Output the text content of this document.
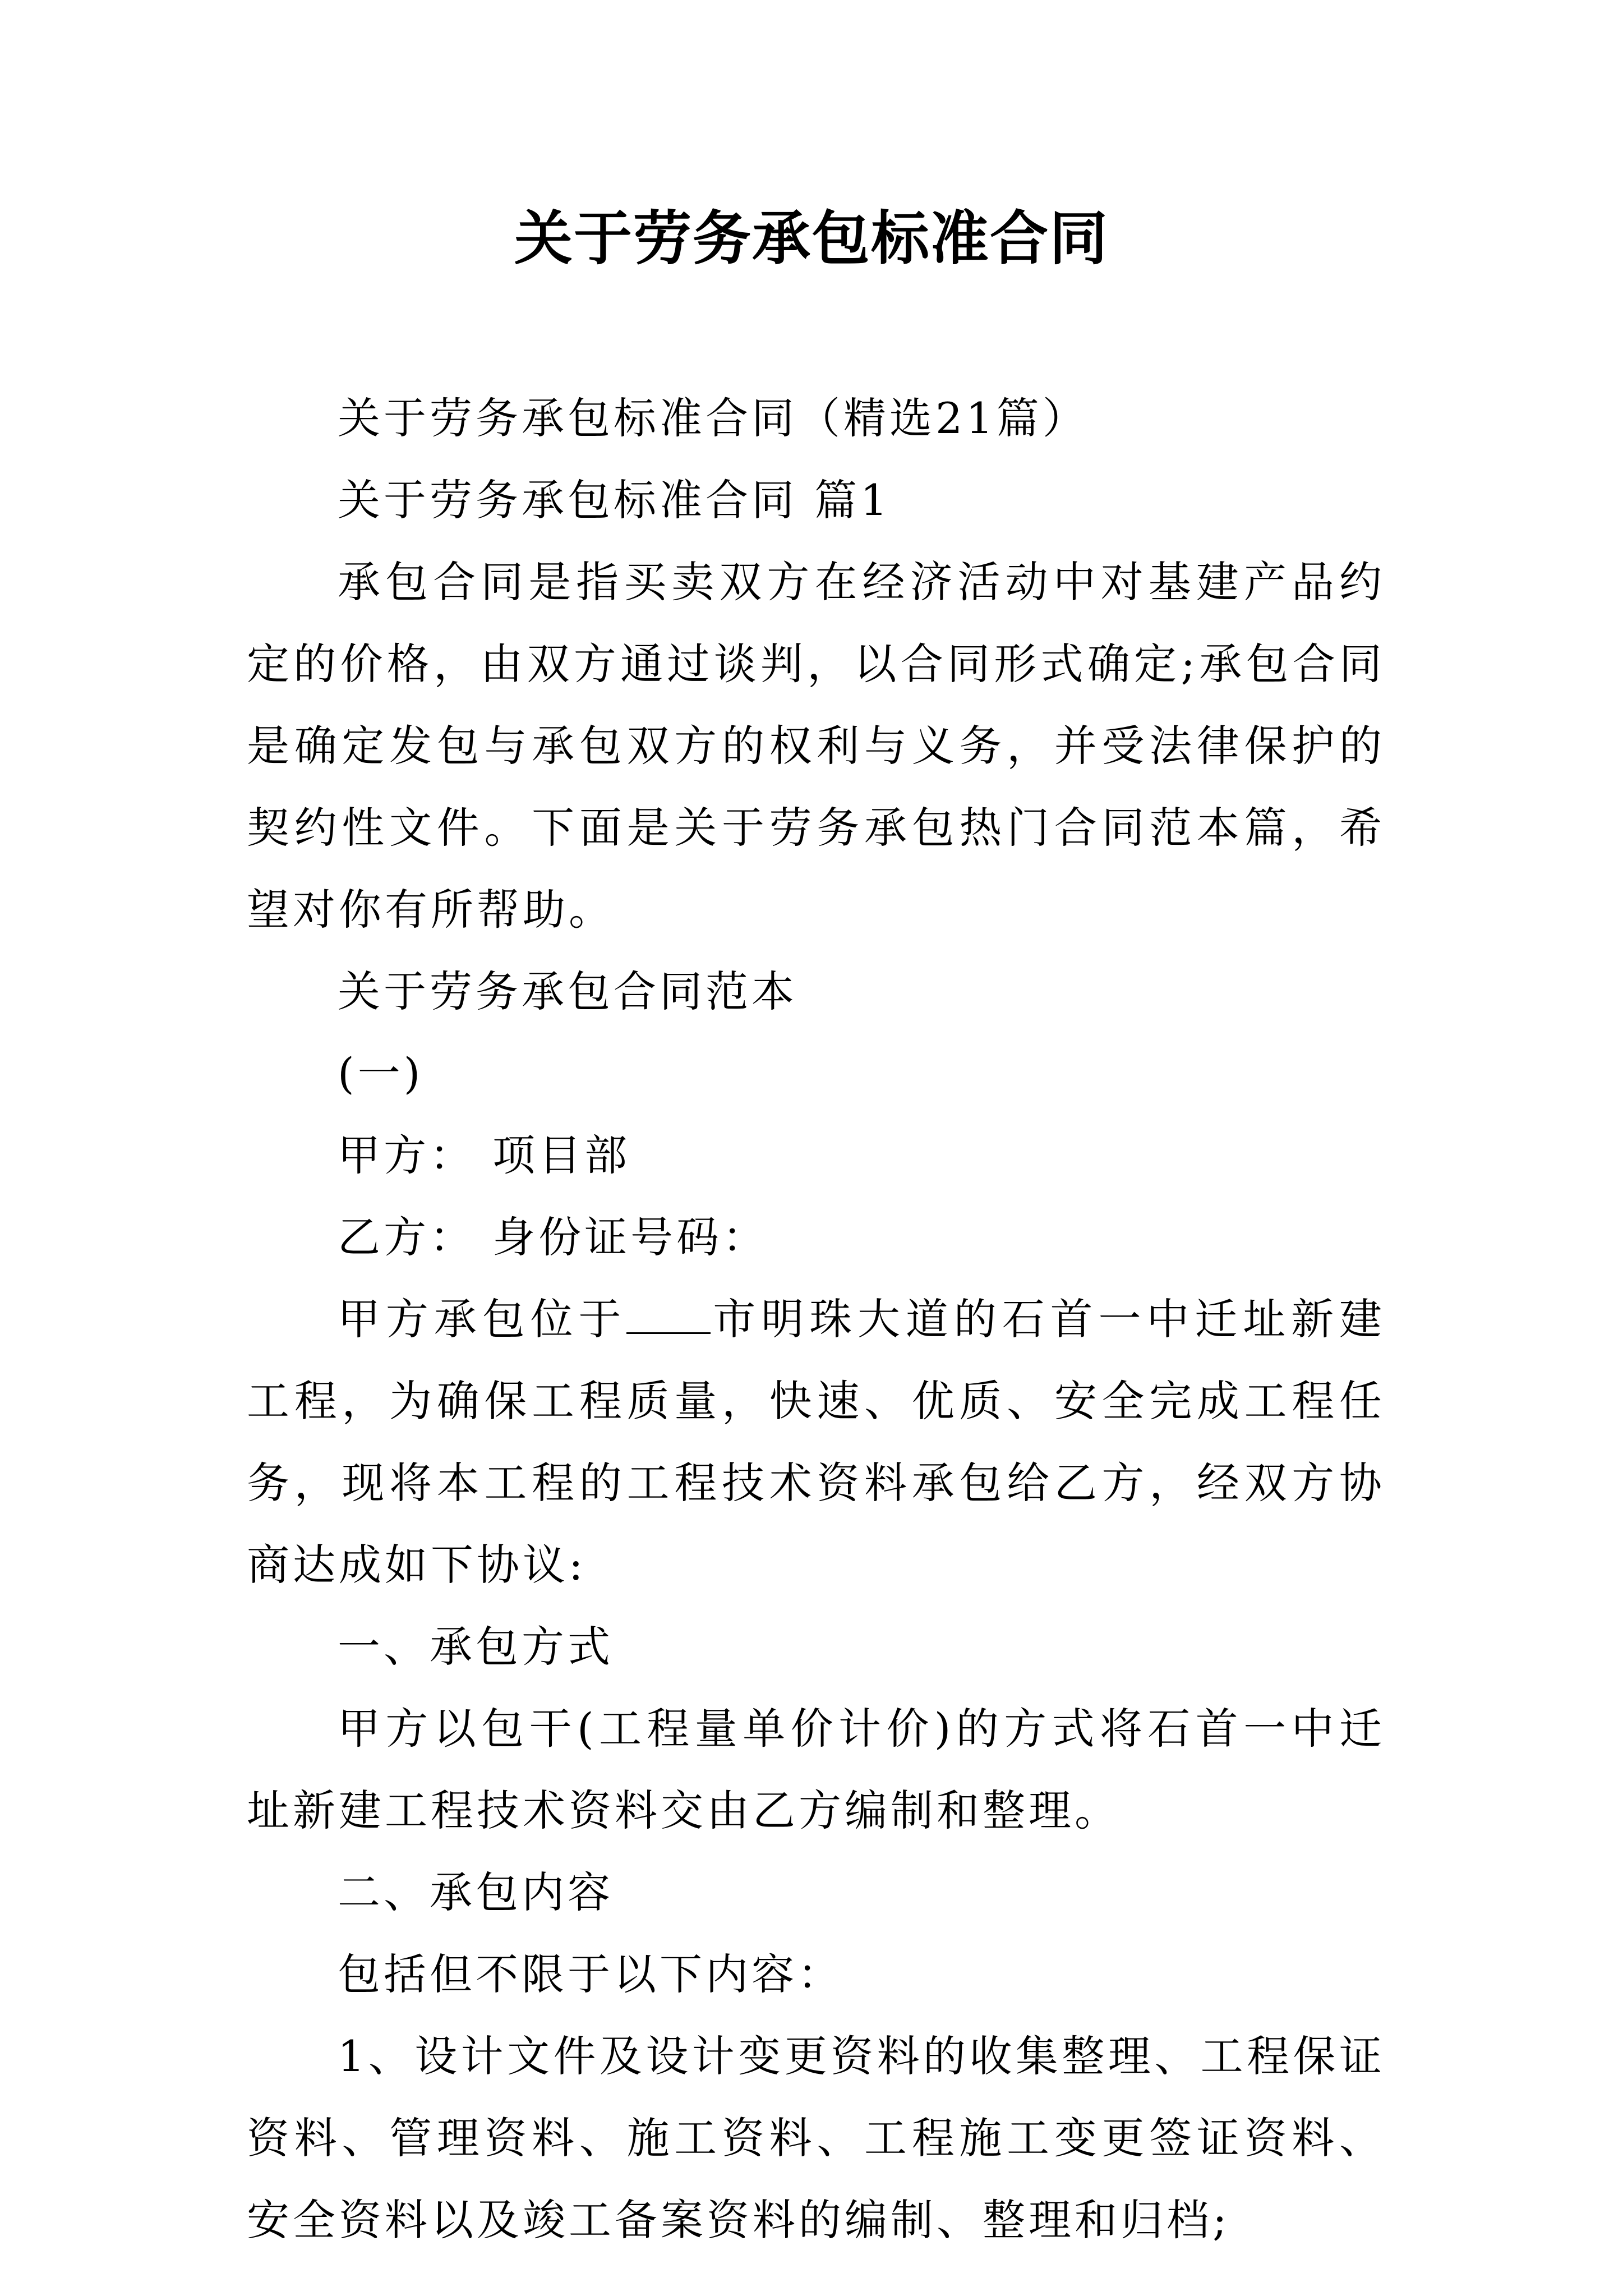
关于劳务承包标准合同

关于劳务承包标准合同（精选21篇）

关于劳务承包标准合同 篇1

承包合同是指买卖双方在经济活动中对基建产品约定的价格，由双方通过谈判，以合同形式确定;承包合同是确定发包与承包双方的权利与义务，并受法律保护的契约性文件。下面是关于劳务承包热门合同范本篇，希望对你有所帮助。

关于劳务承包合同范本

(一)

甲方： 项目部

乙方： 身份证号码：

甲方承包位于 市明珠大道的石首一中迁址新建工程，为确保工程质量，快速、优质、安全完成工程任务，现将本工程的工程技术资料承包给乙方，经双方协商达成如下协议:

一、承包方式

甲方以包干(工程量单价计价)的方式将石首一中迁址新建工程技术资料交由乙方编制和整理。

二、承包内容

包括但不限于以下内容：

1、设计文件及设计变更资料的收集整理、工程保证资料、管理资料、施工资料、工程施工变更签证资料、安全资料以及竣工备案资料的编制、整理和归档;
